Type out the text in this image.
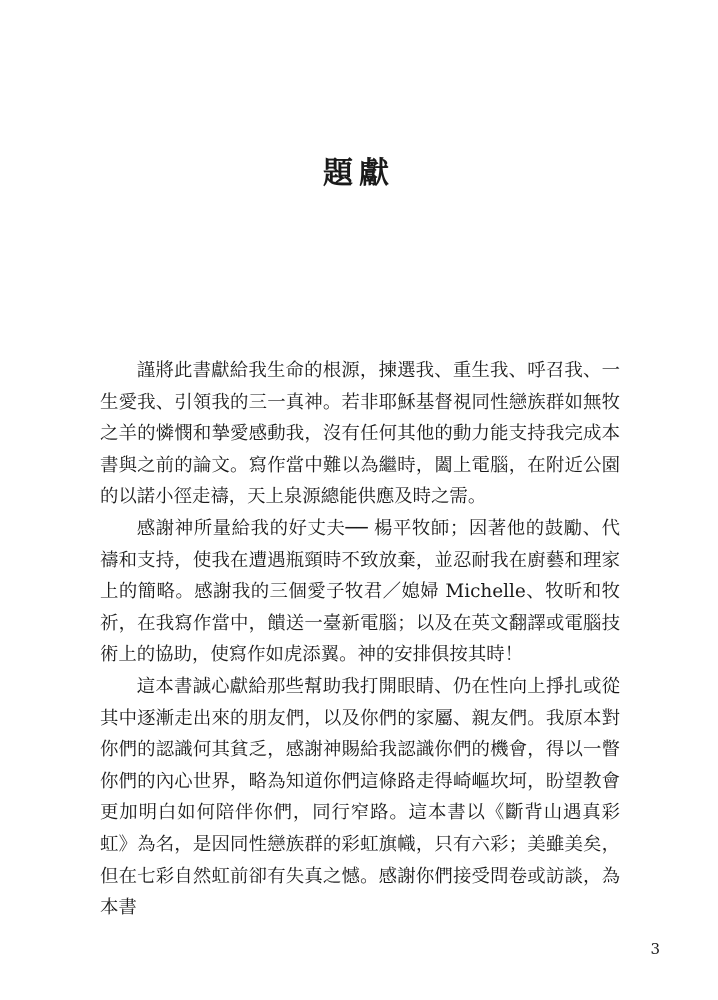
題獻

謹將此書獻給我生命的根源，揀選我、重生我、呼召我、一生愛我、引領我的三一真神。若非耶穌基督視同性戀族群如無牧之羊的憐憫和摯愛感動我，沒有任何其他的動力能支持我完成本書與之前的論文。寫作當中難以為繼時，闔上電腦，在附近公園的以諾小徑走禱，天上泉源總能供應及時之需。

感謝神所量給我的好丈夫── 楊平牧師；因著他的鼓勵、代禱和支持，使我在遭遇瓶頸時不致放棄，並忍耐我在廚藝和理家上的簡略。感謝我的三個愛子牧君／媳婦 Michelle、牧昕和牧祈，在我寫作當中，饋送一臺新電腦；以及在英文翻譯或電腦技術上的協助，使寫作如虎添翼。神的安排俱按其時！

這本書誠心獻給那些幫助我打開眼睛、仍在性向上掙扎或從其中逐漸走出來的朋友們，以及你們的家屬、親友們。我原本對你們的認識何其貧乏，感謝神賜給我認識你們的機會，得以一瞥你們的內心世界，略為知道你們這條路走得崎嶇坎坷，盼望教會更加明白如何陪伴你們，同行窄路。這本書以《斷背山遇真彩虹》為名，是因同性戀族群的彩虹旗幟，只有六彩；美雖美矣，但在七彩自然虹前卻有失真之憾。感謝你們接受問卷或訪談，為本書

3
